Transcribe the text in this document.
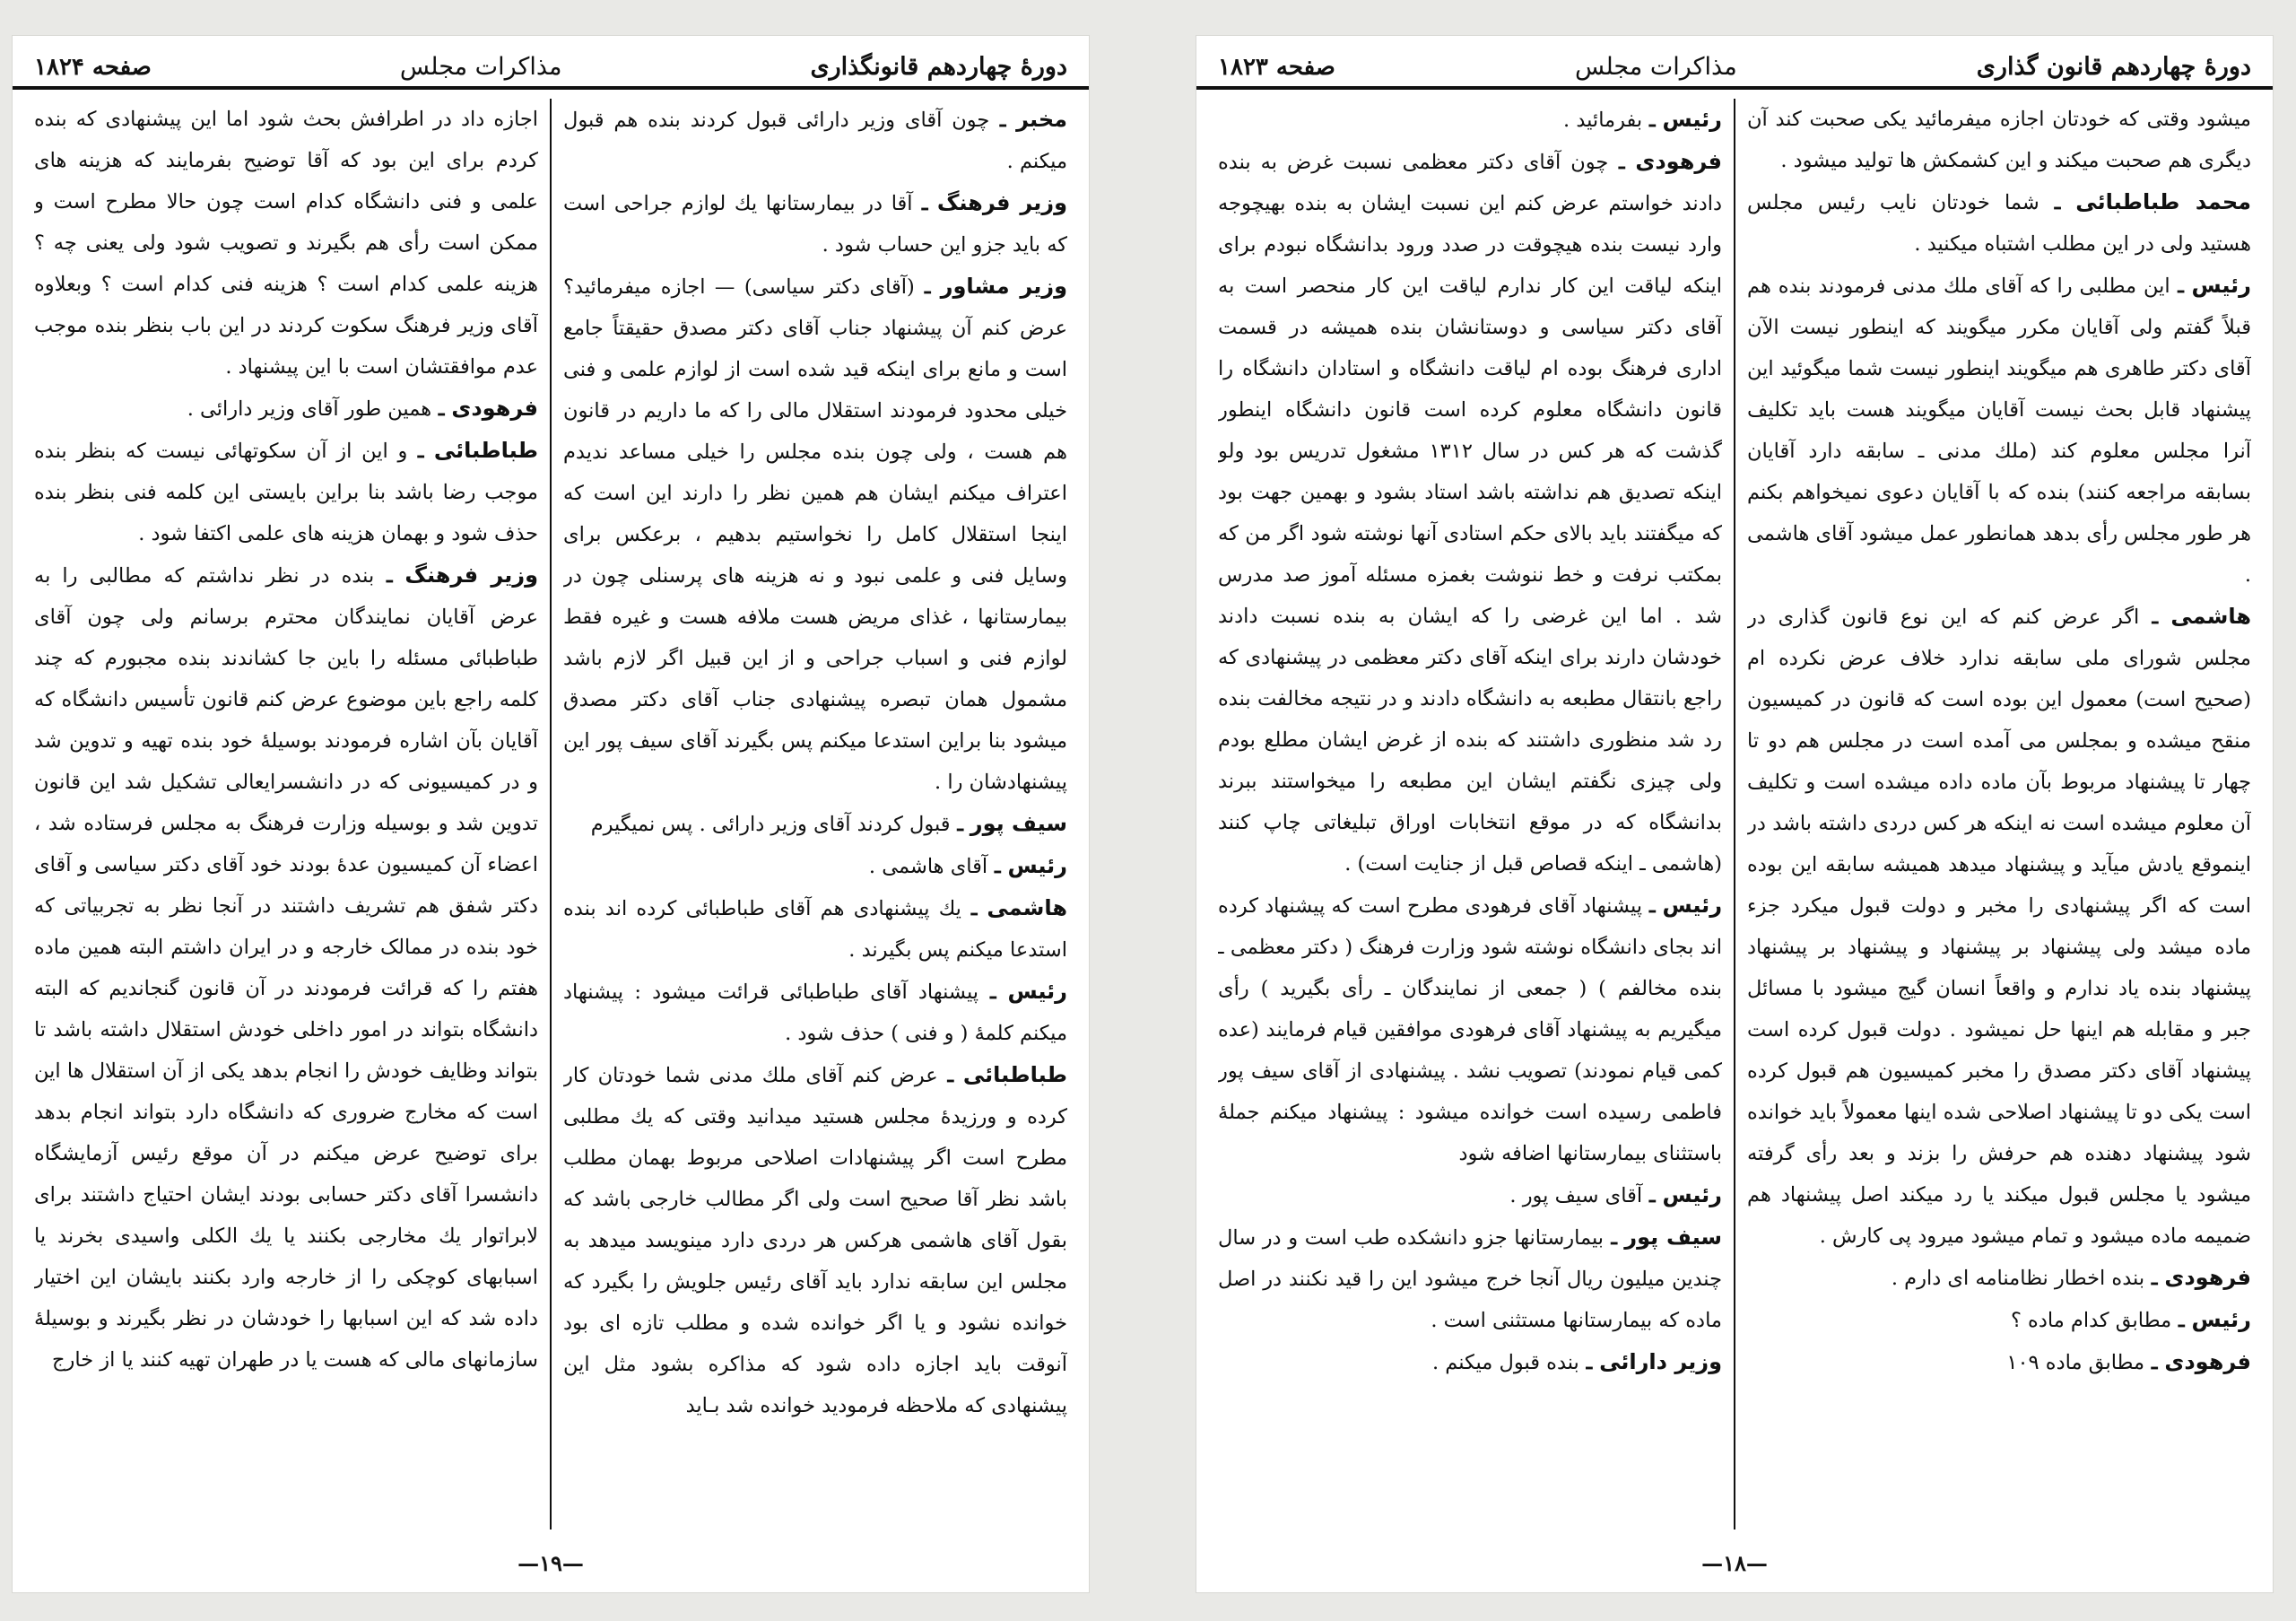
دورهٔ چهاردهم قانونگذاری
مذاکرات مجلس
صفحه ۱۸۲۴

مخبر ـ چون آقای وزیر دارائی قبول کردند بنده هم قبول میکنم .

وزیر فرهنگ ـ آقا در بیمارستانها یك لوازم جراحی است که باید جزو این حساب شود .

وزیر مشاور ـ (آقای دکتر سیاسی) — اجازه میفرمائید؟ عرض کنم آن پیشنهاد جناب آقای دکتر مصدق حقیقتاً جامع است و مانع برای اینکه قید شده است از لوازم علمی و فنی خیلی محدود فرمودند استقلال مالی را که ما داریم در قانون هم هست ، ولی چون بنده مجلس را خیلی مساعد ندیدم اعتراف میکنم ایشان هم همین نظر را دارند این است که اینجا استقلال کامل را نخواستیم بدهیم ، برعکس برای وسایل فنی و علمی نبود و نه هزینه های پرسنلی چون در بیمارستانها ، غذای مریض هست ملافه هست و غیره فقط لوازم فنی و اسباب جراحی و از این قبیل اگر لازم باشد مشمول همان تبصره پیشنهادی جناب آقای دکتر مصدق میشود بنا براین استدعا میکنم پس بگیرند آقای سیف پور این پیشنهادشان را .

سیف پور ـ قبول کردند آقای وزیر دارائی . پس نمیگیرم

رئیس ـ آقای هاشمی .

هاشمی ـ یك پیشنهادی هم آقای طباطبائی کرده اند بنده استدعا میکنم پس بگیرند .

رئیس ـ پیشنهاد آقای طباطبائی قرائت میشود : پیشنهاد میکنم کلمهٔ ( و فنی ) حذف شود .

طباطبائی ـ عرض کنم آقای ملك مدنی شما خودتان کار کرده و ورزیدهٔ مجلس هستید میدانید وقتی که یك مطلبی مطرح است اگر پیشنهادات اصلاحی مربوط بهمان مطلب باشد نظر آقا صحیح است ولی اگر مطالب خارجی باشد که بقول آقای هاشمی هرکس هر دردی دارد مینویسد میدهد به مجلس این سابقه ندارد باید آقای رئیس جلویش را بگیرد که خوانده نشود و یا اگر خوانده شده و مطلب تازه ای بود آنوقت باید اجازه داده شود که مذاکره بشود مثل این پیشنهادی که ملاحظه فرمودید خوانده شد بـاید

اجازه داد در اطرافش بحث شود اما این پیشنهادی که بنده کردم برای این بود که آقا توضیح بفرمایند که هزینه های علمی و فنی دانشگاه کدام است چون حالا مطرح است و ممکن است رأی هم بگیرند و تصویب شود ولی یعنی چه ؟ هزینه علمی کدام است ؟ هزینه فنی کدام است ؟ وبعلاوه آقای وزیر فرهنگ سکوت کردند در این باب بنظر بنده موجب عدم موافقتشان است با این پیشنهاد .

فرهودی ـ همین طور آقای وزیر دارائی .

طباطبائی ـ و این از آن سکوتهائی نیست که بنظر بنده موجب رضا باشد بنا براین بایستی این کلمه فنی بنظر بنده حذف شود و بهمان هزینه های علمی اکتفا شود .

وزیر فرهنگ ـ بنده در نظر نداشتم که مطالبی را به عرض آقایان نمایندگان محترم برسانم ولی چون آقای طباطبائی مسئله را باین جا کشاندند بنده مجبورم که چند کلمه راجع باین موضوع عرض کنم قانون تأسیس دانشگاه که آقایان بآن اشاره فرمودند بوسیلهٔ خود بنده تهیه و تدوین شد و در کمیسیونی که در دانشسرایعالی تشکیل شد این قانون تدوین شد و بوسیله وزارت فرهنگ به مجلس فرستاده شد ، اعضاء آن کمیسیون عدهٔ بودند خود آقای دکتر سیاسی و آقای دکتر شفق هم تشریف داشتند در آنجا نظر به تجربیاتی که خود بنده در ممالک خارجه و در ایران داشتم البته همین ماده هفتم را که قرائت فرمودند در آن قانون گنجاندیم که البته دانشگاه بتواند در امور داخلی خودش استقلال داشته باشد تا بتواند وظایف خودش را انجام بدهد یکی از آن استقلال ها این است که مخارج ضروری که دانشگاه دارد بتواند انجام بدهد برای توضیح عرض میکنم در آن موقع رئیس آزمایشگاه دانشسرا آقای دکتر حسابی بودند ایشان احتیاج داشتند برای لابراتوار یك مخارجی بکنند یا یك الکلی واسیدی بخرند یا اسبابهای کوچکی را از خارجه وارد بکنند بایشان این اختیار داده شد که این اسبابها را خودشان در نظر بگیرند و بوسیلهٔ سازمانهای مالی که هست یا در طهران تهیه کنند یا از خارج

—۱۹—
دورهٔ چهاردهم قانون گذاری
مذاکرات مجلس
صفحه ۱۸۲۳

میشود وقتی که خودتان اجازه میفرمائید یکی صحبت کند آن دیگری هم صحبت میکند و این کشمکش ها تولید میشود .

محمد طباطبائی ـ شما خودتان نایب رئیس مجلس هستید ولی در این مطلب اشتباه میکنید .

رئیس ـ این مطلبی را که آقای ملك مدنی فرمودند بنده هم قبلاً گفتم ولی آقایان مکرر میگویند که اینطور نیست الآن آقای دکتر طاهری هم میگویند اینطور نیست شما میگوئید این پیشنهاد قابل بحث نیست آقایان میگویند هست باید تکلیف آنرا مجلس معلوم کند (ملك مدنی ـ سابقه دارد آقایان بسابقه مراجعه کنند) بنده که با آقایان دعوی نمیخواهم بکنم هر طور مجلس رأی بدهد همانطور عمل میشود آقای هاشمی .

هاشمی ـ اگر عرض کنم که این نوع قانون گذاری در مجلس شورای ملی سابقه ندارد خلاف عرض نکرده ام (صحیح است) معمول این بوده است که قانون در کمیسیون منقح میشده و بمجلس می آمده است در مجلس هم دو تا چهار تا پیشنهاد مربوط بآن ماده داده میشده است و تکلیف آن معلوم میشده است نه اینکه هر کس دردی داشته باشد در اینموقع یادش میآید و پیشنهاد میدهد همیشه سابقه این بوده است که اگر پیشنهادی را مخبر و دولت قبول میکرد جزء ماده میشد ولی پیشنهاد بر پیشنهاد و پیشنهاد بر پیشنهاد پیشنهاد بنده یاد ندارم و واقعاً انسان گیج میشود با مسائل جبر و مقابله هم اینها حل نمیشود . دولت قبول کرده است پیشنهاد آقای دکتر مصدق را مخبر کمیسیون هم قبول کرده است یکی دو تا پیشنهاد اصلاحی شده اینها معمولاً باید خوانده شود پیشنهاد دهنده هم حرفش را بزند و بعد رأی گرفته میشود یا مجلس قبول میکند یا رد میکند اصل پیشنهاد هم ضمیمه ماده میشود و تمام میشود میرود پی کارش .

فرهودی ـ بنده اخطار نظامنامه ای دارم .

رئیس ـ مطابق کدام ماده ؟

فرهودی ـ مطابق ماده ۱۰۹

رئیس ـ بفرمائید .

فرهودی ـ چون آقای دکتر معظمی نسبت غرض به بنده دادند خواستم عرض کنم این نسبت ایشان به بنده بهیچوجه وارد نیست بنده هیچوقت در صدد ورود بدانشگاه نبودم برای اینکه لیاقت این کار ندارم لیاقت این کار منحصر است به آقای دکتر سیاسی و دوستانشان بنده همیشه در قسمت اداری فرهنگ بوده ام لیاقت دانشگاه و استادان دانشگاه را قانون دانشگاه معلوم کرده است قانون دانشگاه اینطور گذشت که هر کس در سال ۱۳۱۲ مشغول تدریس بود ولو اینکه تصدیق هم نداشته باشد استاد بشود و بهمین جهت بود که میگفتند باید بالای حکم استادی آنها نوشته شود اگر من که بمکتب نرفت و خط ننوشت بغمزه مسئله آموز صد مدرس شد . اما این غرضی را که ایشان به بنده نسبت دادند خودشان دارند برای اینکه آقای دکتر معظمی در پیشنهادی که راجع بانتقال مطبعه به دانشگاه دادند و در نتیجه مخالفت بنده رد شد منظوری داشتند که بنده از غرض ایشان مطلع بودم ولی چیزی نگفتم ایشان این مطبعه را میخواستند ببرند بدانشگاه که در موقع انتخابات اوراق تبلیغاتی چاپ کنند (هاشمی ـ اینکه قصاص قبل از جنایت است) .

رئیس ـ پیشنهاد آقای فرهودی مطرح است که پیشنهاد کرده اند بجای دانشگاه نوشته شود وزارت فرهنگ ( دکتر معظمی ـ بنده مخالفم ) ( جمعی از نمایندگان ـ رأی بگیرید ) رأی میگیریم به پیشنهاد آقای فرهودی موافقین قیام فرمایند (عده کمی قیام نمودند) تصویب نشد . پیشنهادی از آقای سیف پور فاطمی رسیده است خوانده میشود : پیشنهاد میکنم جملهٔ باستثنای بیمارستانها اضافه شود

رئیس ـ آقای سیف پور .

سیف پور ـ بیمارستانها جزو دانشکده طب است و در سال چندین میلیون ریال آنجا خرج میشود این را قید نکنند در اصل ماده که بیمارستانها مستثنی است .

وزیر دارائی ـ بنده قبول میکنم .

—۱۸—
